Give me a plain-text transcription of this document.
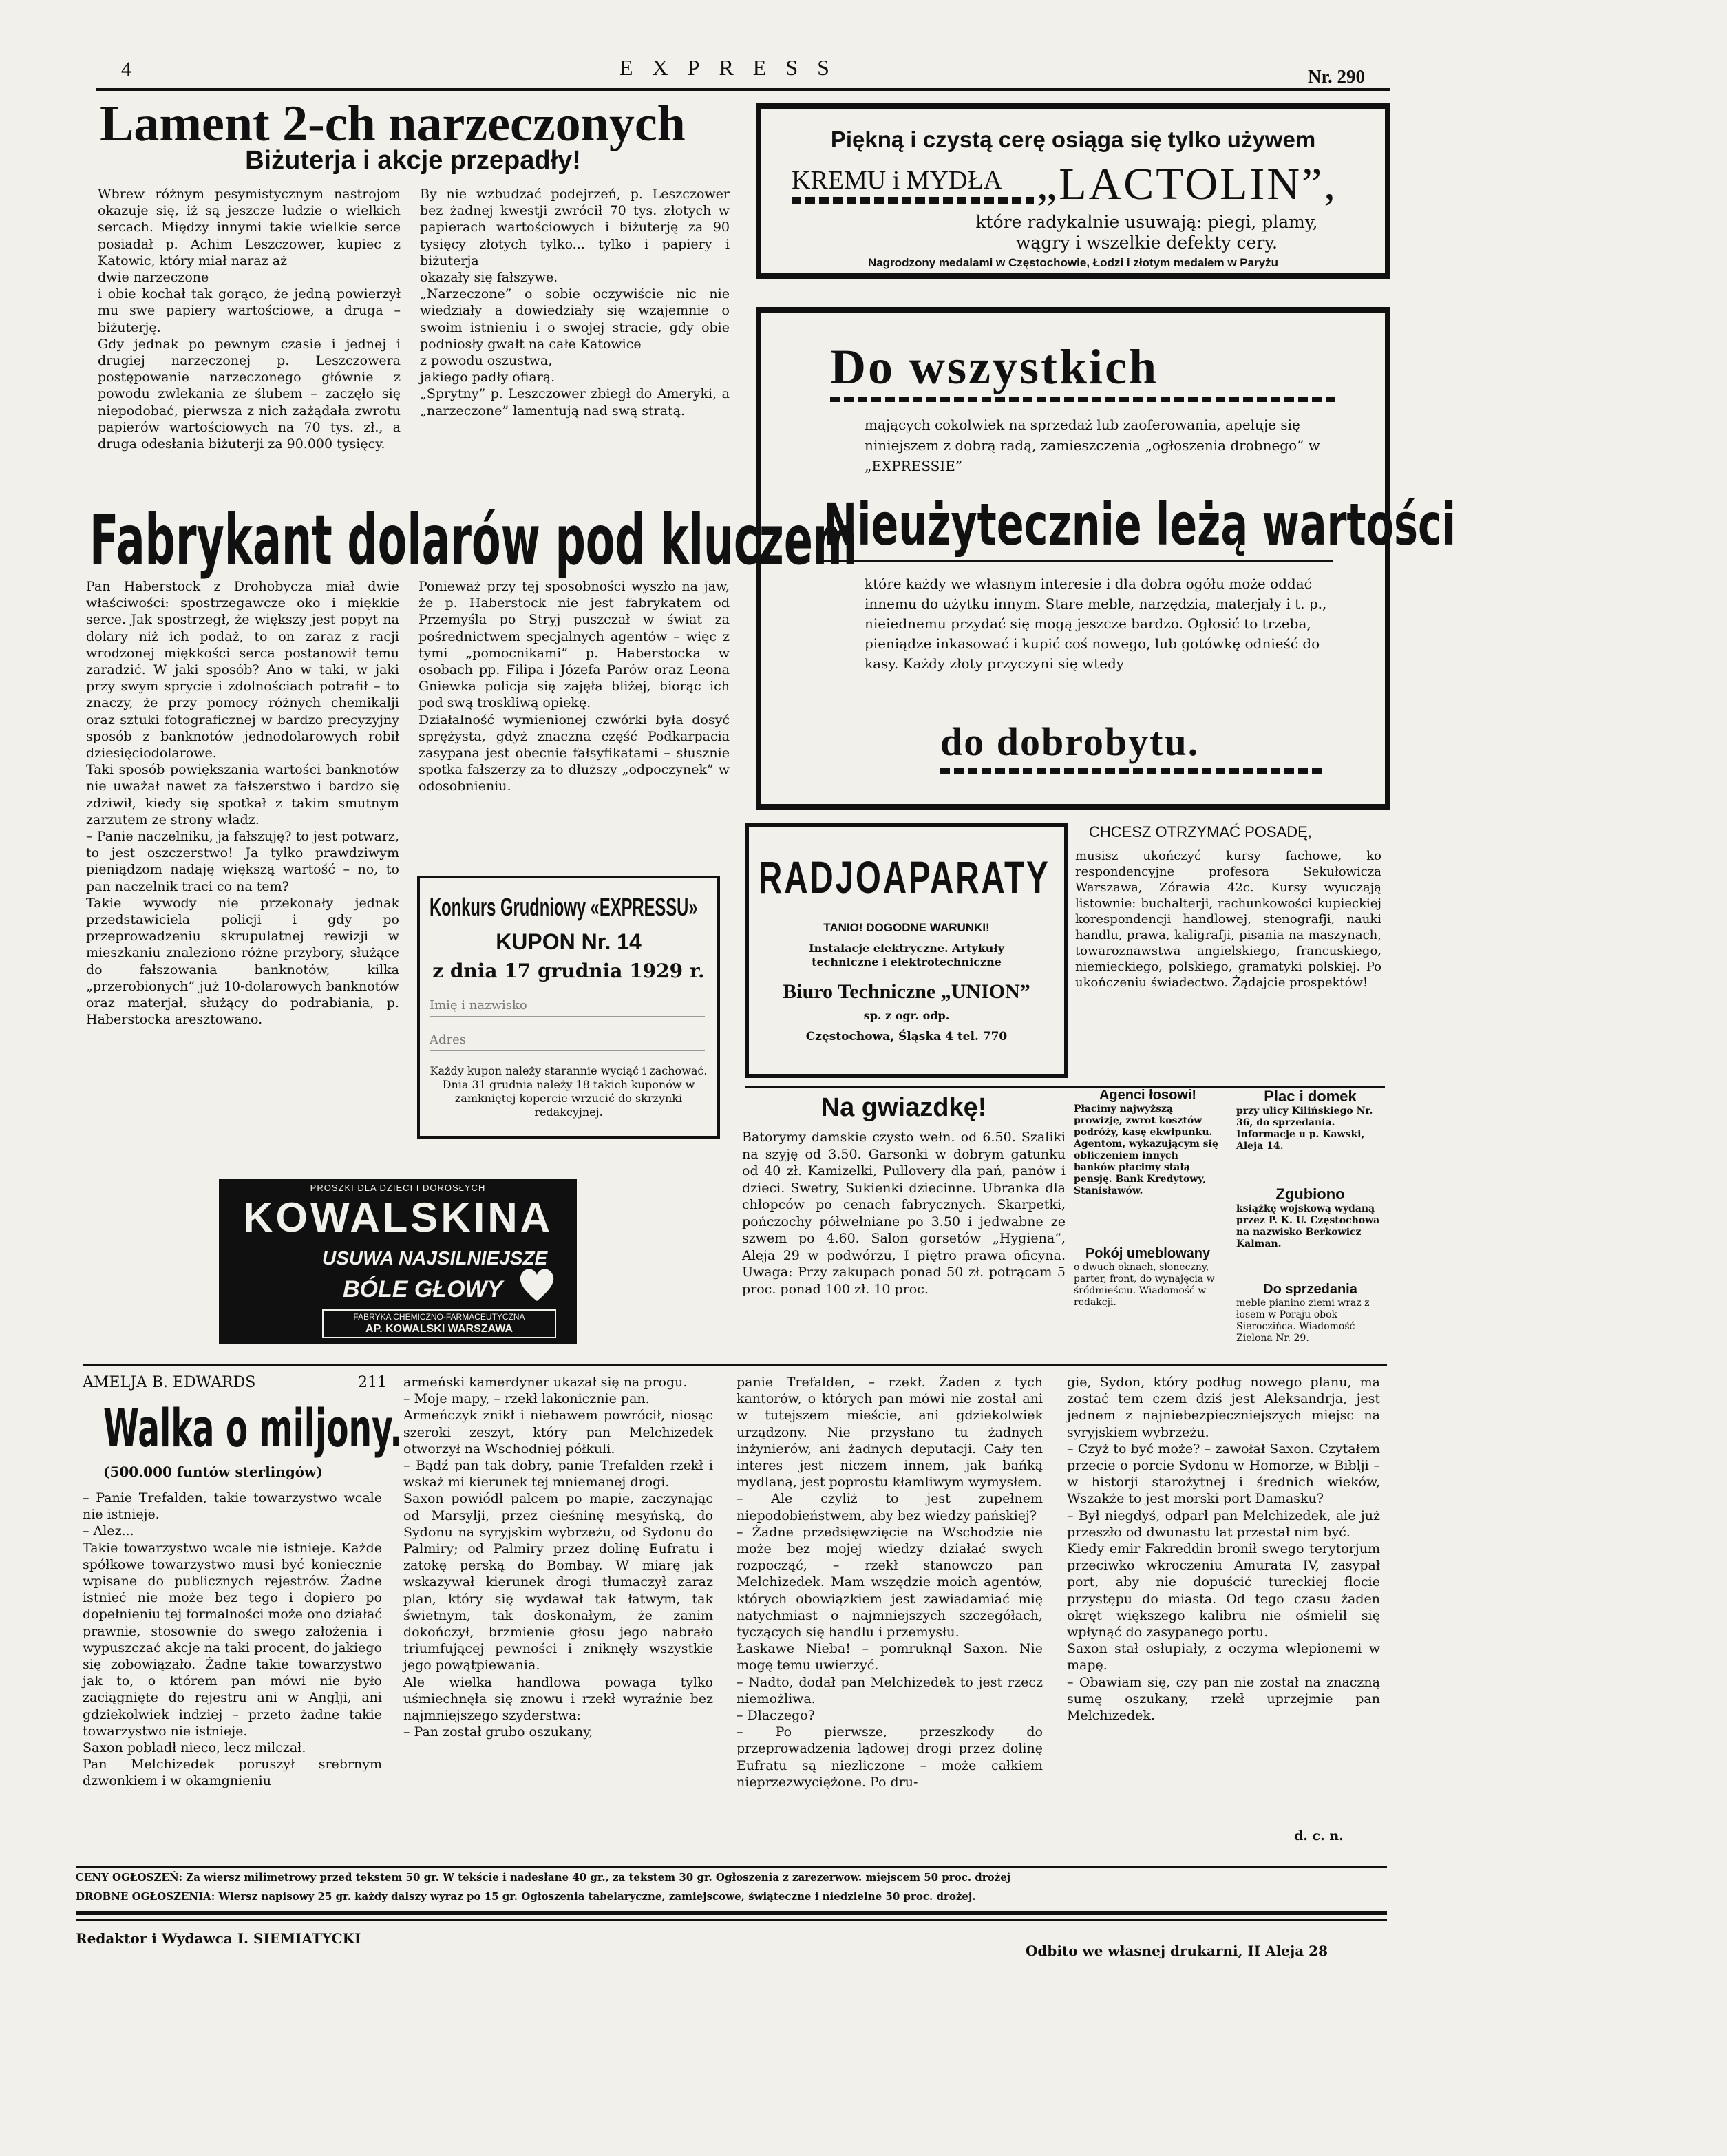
4	EXPRESS	Nr. 290
Lament 2-ch narzeczonych
Biżuterja i akcje przepadły!
Wbrew różnym pesymistycznym nastrojom okazuje się, iż są jeszcze ludzie o wielkich sercach. Między innymi takie wielkie serce posiadał p. Achim Leszczower, kupiec z Katowic, który miał naraz aż
dwie narzeczone
i obie kochał tak gorąco, że jedną powierzył mu swe papiery wartościowe, a druga – biżuterję.
Gdy jednak po pewnym czasie i jednej i drugiej narzeczonej p. Leszczowera postępowanie narzeczonego głównie z powodu zwlekania ze ślubem – zaczęło się niepodobać, pierwsza z nich zażądała zwrotu papierów wartościowych na 70 tys. zł., a druga odesłania biżuterji za 90.000 tysięcy.
By nie wzbudzać podejrzeń, p. Leszczower bez żadnej kwestji zwrócił 70 tys. złotych w papierach wartościowych i biżuterję za 90 tysięcy złotych tylko... tylko i papiery i biżuterja
okazały się fałszywe.
„Narzeczone” o sobie oczywiście nic nie wiedziały a dowiedziały się wzajemnie o swoim istnieniu i o swojej stracie, gdy obie podniosły gwałt na całe Katowice
z powodu oszustwa,
jakiego padły ofiarą.
„Sprytny” p. Leszczower zbiegł do Ameryki, a „narzeczone” lamentują nad swą stratą.
Piękną i czystą cerę osiąga się tylko używem
KREMU i MYDŁA „LACTOLIN”,
które radykalnie usuwają: piegi, plamy, wągry i wszelkie defekty cery.
Nagrodzony medalami w Częstochowie, Łodzi i złotym medalem w Paryżu
Do wszystkich
mających cokolwiek na sprzedaż lub zaoferowania, apeluje się niniejszem z dobrą radą, zamieszczenia „ogłoszenia drobnego” w „EXPRESSIE”
Nieużytecznie leżą wartości
które każdy we własnym interesie i dla dobra ogółu może oddać innemu do użytku innym. Stare meble, narzędzia, materjały i t. p., nieiednemu przydać się mogą jeszcze bardzo. Ogłosić to trzeba, pieniądze inkasować i kupić coś nowego, lub gotówkę odnieść do kasy. Każdy złoty przyczyni się wtedy
do dobrobytu.
Fabrykant dolarów pod kluczem
Pan Haberstock z Drohobycza miał dwie właściwości: spostrzegawcze oko i miękkie serce. Jak spostrzegł, że większy jest popyt na dolary niż ich podaż, to on zaraz z racji wrodzonej miękkości serca postanowił temu zaradzić. W jaki sposób? Ano w taki, w jaki przy swym sprycie i zdolnościach potrafił – to znaczy, że przy pomocy różnych chemikalji oraz sztuki fotograficznej w bardzo precyzyjny sposób z banknotów jednodolarowych robił dziesięciodolarowe.
Taki sposób powiększania wartości banknotów nie uważał nawet za fałszerstwo i bardzo się zdziwił, kiedy się spotkał z takim smutnym zarzutem ze strony władz.
– Panie naczelniku, ja fałszuję? to jest potwarz, to jest oszczerstwo! Ja tylko prawdziwym pieniądzom nadaję większą wartość – no, to pan naczelnik traci co na tem?
Takie wywody nie przekonały jednak przedstawiciela policji i gdy po przeprowadzeniu skrupulatnej rewizji w mieszkaniu znaleziono różne przybory, służące do fałszowania banknotów, kilka „przerobionych” już 10-dolarowych banknotów oraz materjał, służący do podrabiania, p. Haberstocka aresztowano.
Ponieważ przy tej sposobności wyszło na jaw, że p. Haberstock nie jest fabrykatem od Przemyśla po Stryj puszczał w świat za pośrednictwem specjalnych agentów – więc z tymi „pomocnikami” p. Haberstocka w osobach pp. Filipa i Józefa Parów oraz Leona Gniewka policja się zajęła bliżej, biorąc ich pod swą troskliwą opiekę.
Działalność wymienionej czwórki była dosyć sprężysta, gdyż znaczna część Podkarpacia zasypana jest obecnie fałsyfikatami – słusznie spotka fałszerzy za to dłuższy „odpoczynek” w odosobnieniu.
Konkurs Grudniowy «EXPRESSU»
KUPON Nr. 14
z dnia 17 grudnia 1929 r.
Imię i nazwisko
Adres
Każdy kupon należy starannie wyciąć i zachować. Dnia 31 grudnia należy 18 takich kuponów w zamkniętej kopercie wrzucić do skrzynki redakcyjnej.
PROSZKI DLA DZIECI I DOROSŁYCH
KOWALSKINA
USUWA NAJSILNIEJSZE
BÓLE GŁOWY
FABRYKA CHEMICZNO-FARMACEUTYCZNA
AP. KOWALSKI WARSZAWA
RADJOAPARATY
TANIO! DOGODNE WARUNKI!
Instalacje elektryczne. Artykuły techniczne i elektrotechniczne
Biuro Techniczne „UNION”
sp. z ogr. odp.
Częstochowa, Śląska 4 tel. 770
CHCESZ OTRZYMAĆ POSADĘ,
musisz ukończyć kursy fachowe, ko respondencyjne profesora Sekułowicza Warszawa, Zórawia 42c. Kursy wyuczają listownie: buchalterji, rachunkowości kupieckiej korespondencji handlowej, stenografji, nauki handlu, prawa, kaligrafji, pisania na maszynach, towaroznawstwa angielskiego, francuskiego, niemieckiego, polskiego, gramatyki polskiej. Po ukończeniu świadectwo. Żądajcie prospektów!
Na gwiazdkę!
Batorymy damskie czysto wełn. od 6.50. Szaliki na szyję od 3.50. Garsonki w dobrym gatunku od 40 zł. Kamizelki, Pullovery dla pań, panów i dzieci. Swetry, Sukienki dziecinne. Ubranka dla chłopców po cenach fabrycznych. Skarpetki, pończochy półwełniane po 3.50 i jedwabne ze szwem po 4.60. Salon gorsetów „Hygiena”, Aleja 29 w podwórzu, I piętro prawa oficyna. Uwaga: Przy zakupach ponad 50 zł. potrącam 5 proc. ponad 100 zł. 10 proc.
Agenci łosowi!
Płacimy najwyższą prowizję, zwrot kosztów podróży, kasę ekwipunku. Agentom, wykazującym się obliczeniem innych banków płacimy stałą pensję. Bank Kredytowy, Stanisławów.
Plac i domek
przy ulicy Kilińskiego Nr. 36, do sprzedania. Informacje u p. Kawski, Aleja 14.
Zgubiono
książkę wojskową wydaną przez P. K. U. Częstochowa na nazwisko Berkowicz Kalman.
Pokój umeblowany
o dwuch oknach, słoneczny, parter, front, do wynajęcia w śródmieściu. Wiadomość w redakcji.
Do sprzedania
meble pianino ziemi wraz z łosem w Poraju obok Sieroczińca. Wiadomość Zielona Nr. 29.
AMELJA B. EDWARDS	211
Walka o miljony.
(500.000 funtów sterlingów)
– Panie Trefalden, takie towarzystwo wcale nie istnieje.
– Alez...
Takie towarzystwo wcale nie istnieje. Każde spółkowe towarzystwo musi być koniecznie wpisane do publicznych rejestrów. Żadne istnieć nie może bez tego i dopiero po dopełnieniu tej formalności może ono działać prawnie, stosownie do swego założenia i wypuszczać akcje na taki procent, do jakiego się zobowiązało. Żadne takie towarzystwo jak to, o którem pan mówi nie było zaciągnięte do rejestru ani w Anglji, ani gdziekolwiek indziej – przeto żadne takie towarzystwo nie istnieje.
Saxon pobladł nieco, lecz milczał.
Pan Melchizedek poruszył srebrnym dzwonkiem i w okamgnieniu
armeński kamerdyner ukazał się na progu.
– Moje mapy, – rzekł lakonicznie pan.
Armeńczyk znikł i niebawem powrócił, niosąc szeroki zeszyt, który pan Melchizedek otworzył na Wschodniej półkuli.
– Bądź pan tak dobry, panie Trefalden rzekł i wskaż mi kierunek tej mniemanej drogi.
Saxon powiódł palcem po mapie, zaczynając od Marsylji, przez cieśninę mesyńską, do Sydonu na syryjskim wybrzeżu, od Sydonu do Palmiry; od Palmiry przez dolinę Eufratu i zatokę perską do Bombay. W miarę jak wskazywał kierunek drogi tłumaczył zaraz plan, który się wydawał tak łatwym, tak świetnym, tak doskonałym, że zanim dokończył, brzmienie głosu jego nabrało triumfującej pewności i zniknęły wszystkie jego powątpiewania.
Ale wielka handlowa powaga tylko uśmiechnęła się znowu i rzekł wyraźnie bez najmniejszego szyderstwa:
– Pan został grubo oszukany,
panie Trefalden, – rzekł. Żaden z tych kantorów, o których pan mówi nie został ani w tutejszem mieście, ani gdziekolwiek urządzony. Nie przysłano tu żadnych inżynierów, ani żadnych deputacji. Cały ten interes jest niczem innem, jak bańką mydlaną, jest poprostu kłamliwym wymysłem.
– Ale czyliż to jest zupełnem niepodobieństwem, aby bez wiedzy pańskiej?
– Żadne przedsięwzięcie na Wschodzie nie może bez mojej wiedzy działać swych rozpocząć, – rzekł stanowczo pan Melchizedek. Mam wszędzie moich agentów, których obowiązkiem jest zawiadamiać mię natychmiast o najmniejszych szczegółach, tyczących się handlu i przemysłu.
Łaskawe Nieba! – pomruknął Saxon. Nie mogę temu uwierzyć.
– Nadto, dodał pan Melchizedek to jest rzecz niemożliwa.
– Dlaczego?
– Po pierwsze, przeszkody do przeprowadzenia lądowej drogi przez dolinę Eufratu są niezliczone – może całkiem nieprzezwyciężone. Po dru-
gie, Sydon, który podług nowego planu, ma zostać tem czem dziś jest Aleksandrja, jest jednem z najniebezpieczniejszych miejsc na syryjskiem wybrzeżu.
– Czyż to być może? – zawołał Saxon. Czytałem przecie o porcie Sydonu w Homorze, w Biblji – w historji starożytnej i średnich wieków, Wszakże to jest morski port Damasku?
– Był niegdyś, odparł pan Melchizedek, ale już przeszło od dwunastu lat przestał nim być.
Kiedy emir Fakreddin bronił swego terytorjum przeciwko wkroczeniu Amurata IV, zasypał port, aby nie dopuścić tureckiej flocie przystępu do miasta. Od tego czasu żaden okręt większego kalibru nie ośmielił się wpłynąć do zasypanego portu.
Saxon stał osłupiały, z oczyma wlepionemi w mapę.
– Obawiam się, czy pan nie został na znaczną sumę oszukany, rzekł uprzejmie pan Melchizedek.
d. c. n.
CENY OGŁOSZEŃ: Za wiersz milimetrowy przed tekstem 50 gr. W tekście i nadesłane 40 gr., za tekstem 30 gr. Ogłoszenia z zarezerwow. miejscem 50 proc. drożej
DROBNE OGŁOSZENIA: Wiersz napisowy 25 gr. każdy dalszy wyraz po 15 gr. Ogłoszenia tabelaryczne, zamiejscowe, świąteczne i niedzielne 50 proc. drożej.
Redaktor i Wydawca I. SIEMIATYCKI
Odbito we własnej drukarni, II Aleja 28
